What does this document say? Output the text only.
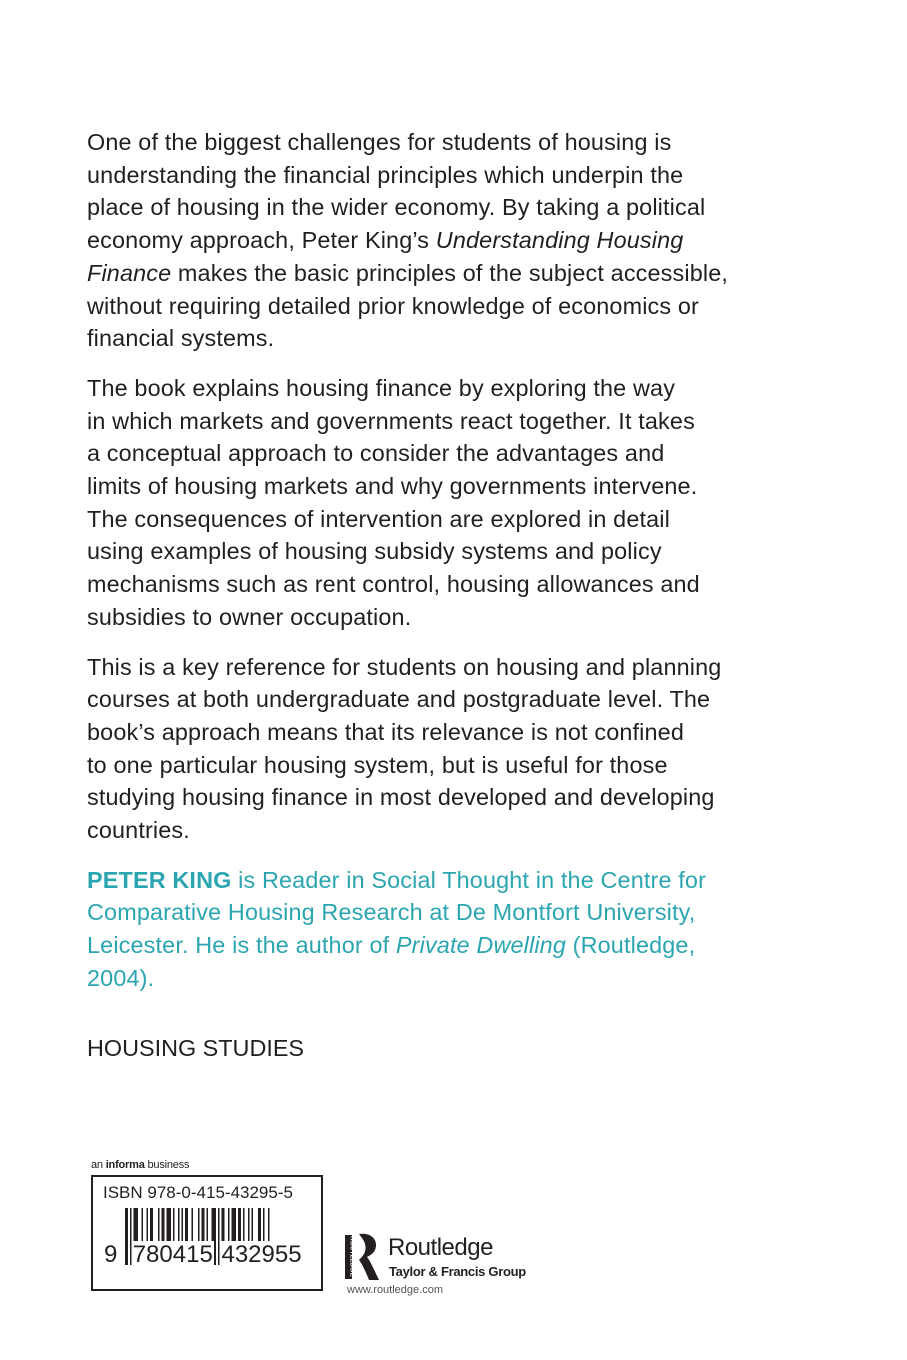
One of the biggest challenges for students of housing is
understanding the financial principles which underpin the
place of housing in the wider economy. By taking a political
economy approach, Peter King’s Understanding Housing
Finance makes the basic principles of the subject accessible,
without requiring detailed prior knowledge of economics or
financial systems.
The book explains housing finance by exploring the way
in which markets and governments react together. It takes
a conceptual approach to consider the advantages and
limits of housing markets and why governments intervene.
The consequences of intervention are explored in detail
using examples of housing subsidy systems and policy
mechanisms such as rent control, housing allowances and
subsidies to owner occupation.
This is a key reference for students on housing and planning
courses at both undergraduate and postgraduate level. The
book’s approach means that its relevance is not confined
to one particular housing system, but is useful for those
studying housing finance in most developed and developing
countries.
PETER KING is Reader in Social Thought in the Centre for
Comparative Housing Research at De Montfort University,
Leicester. He is the author of Private Dwelling (Routledge,
2004).
HOUSING STUDIES
an informa business
ISBN 978-0-415-43295-5
9 780415 432955	ROUTLEDGE Routledge
Taylor & Francis Group
www.routledge.com
